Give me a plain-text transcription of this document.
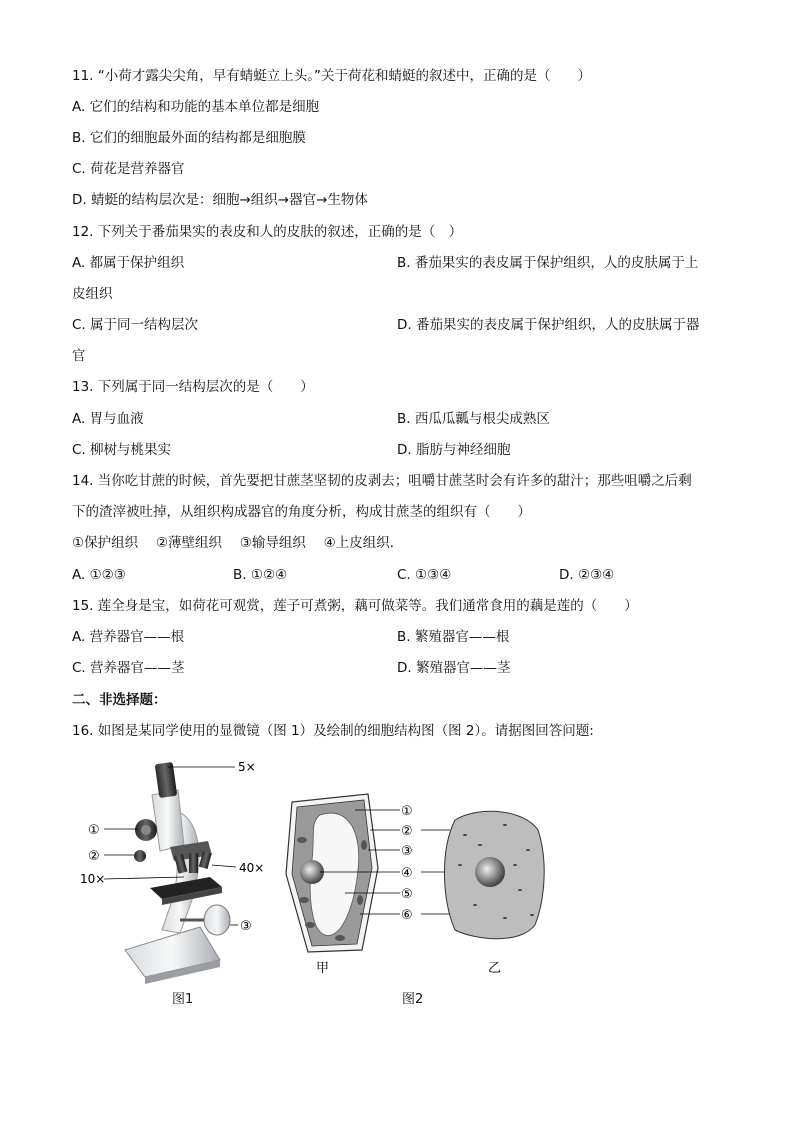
11. “小荷才露尖尖角，早有蜻蜓立上头。”关于荷花和蜻蜓的叙述中，正确的是（　　）
A. 它们的结构和功能的基本单位都是细胞
B. 它们的细胞最外面的结构都是细胞膜
C. 荷花是营养器官
D. 蜻蜓的结构层次是：细胞→组织→器官→生物体
12. 下列关于番茄果实的表皮和人的皮肤的叙述，正确的是（　）
A. 都属于保护组织	B. 番茄果实的表皮属于保护组织，人的皮肤属于上
皮组织
C. 属于同一结构层次	D. 番茄果实的表皮属于保护组织，人的皮肤属于器
官
13. 下列属于同一结构层次的是（　　）
A. 胃与血液	B. 西瓜瓜瓤与根尖成熟区
C. 柳树与桃果实	D. 脂肪与神经细胞
14. 当你吃甘蔗的时候，首先要把甘蔗茎坚韧的皮剥去；咀嚼甘蔗茎时会有许多的甜汁；那些咀嚼之后剩
下的渣滓被吐掉，从组织构成器官的角度分析，构成甘蔗茎的组织有（　　）
①保护组织　 ②薄壁组织　 ③输导组织　 ④上皮组织．
A. ①②③	B. ①②④	C. ①③④	D. ②③④
15. 莲全身是宝，如荷花可观赏，莲子可煮粥，藕可做菜等。我们通常食用的藕是莲的（　　）
A. 营养器官——根	B. 繁殖器官——根
C. 营养器官——茎	D. 繁殖器官——茎
二、非选择题：
16. 如图是某同学使用的显微镜（图 1）及绘制的细胞结构图（图 2）。请据图回答问题:
5×
①
②
40×
10×
③
图1
①
②
③
④
⑤
⑥
甲	乙
图2
